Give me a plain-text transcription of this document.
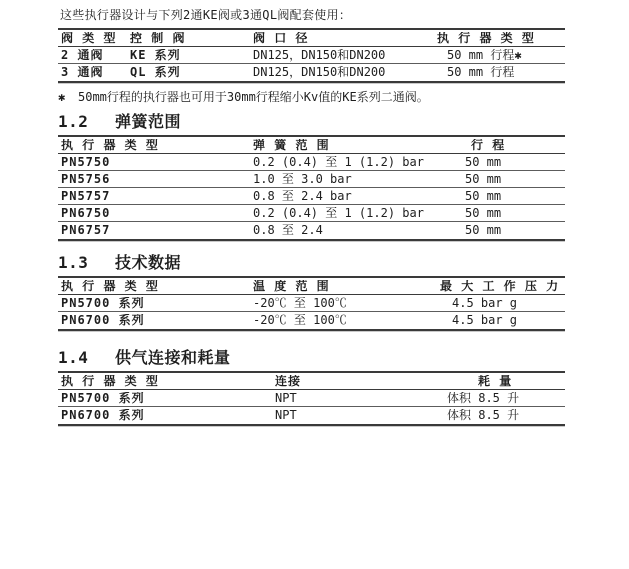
这些执行器设计与下列2通KE阀或3通QL阀配套使用：

阀 类 型	控 制 阀	阀 口 径	执 行 器 类 型
2 通阀	KE 系列	DN125，DN150和DN200	50 mm 行程✱
3 通阀	QL 系列	DN125，DN150和DN200	50 mm 行程

✱	50mm行程的执行器也可用于30mm行程缩小Kv值的KE系列二通阀。

1.2	弹簧范围
执 行 器 类 型	弹 簧 范 围	行 程
PN5750	0.2 (0.4) 至 1 (1.2) bar	50 mm
PN5756	1.0 至 3.0 bar	50 mm
PN5757	0.8 至 2.4 bar	50 mm
PN6750	0.2 (0.4) 至 1 (1.2) bar	50 mm
PN6757	0.8 至 2.4	50 mm
1.3	技术数据
执 行 器 类 型	温 度 范 围	最 大 工 作 压 力
PN5700 系列	-20℃ 至 100℃	4.5 bar g
PN6700 系列	-20℃ 至 100℃	4.5 bar g
1.4	供气连接和耗量
执 行 器 类 型	连接	耗 量
PN5700 系列	NPT	体积 8.5 升
PN6700 系列	NPT	体积 8.5 升
